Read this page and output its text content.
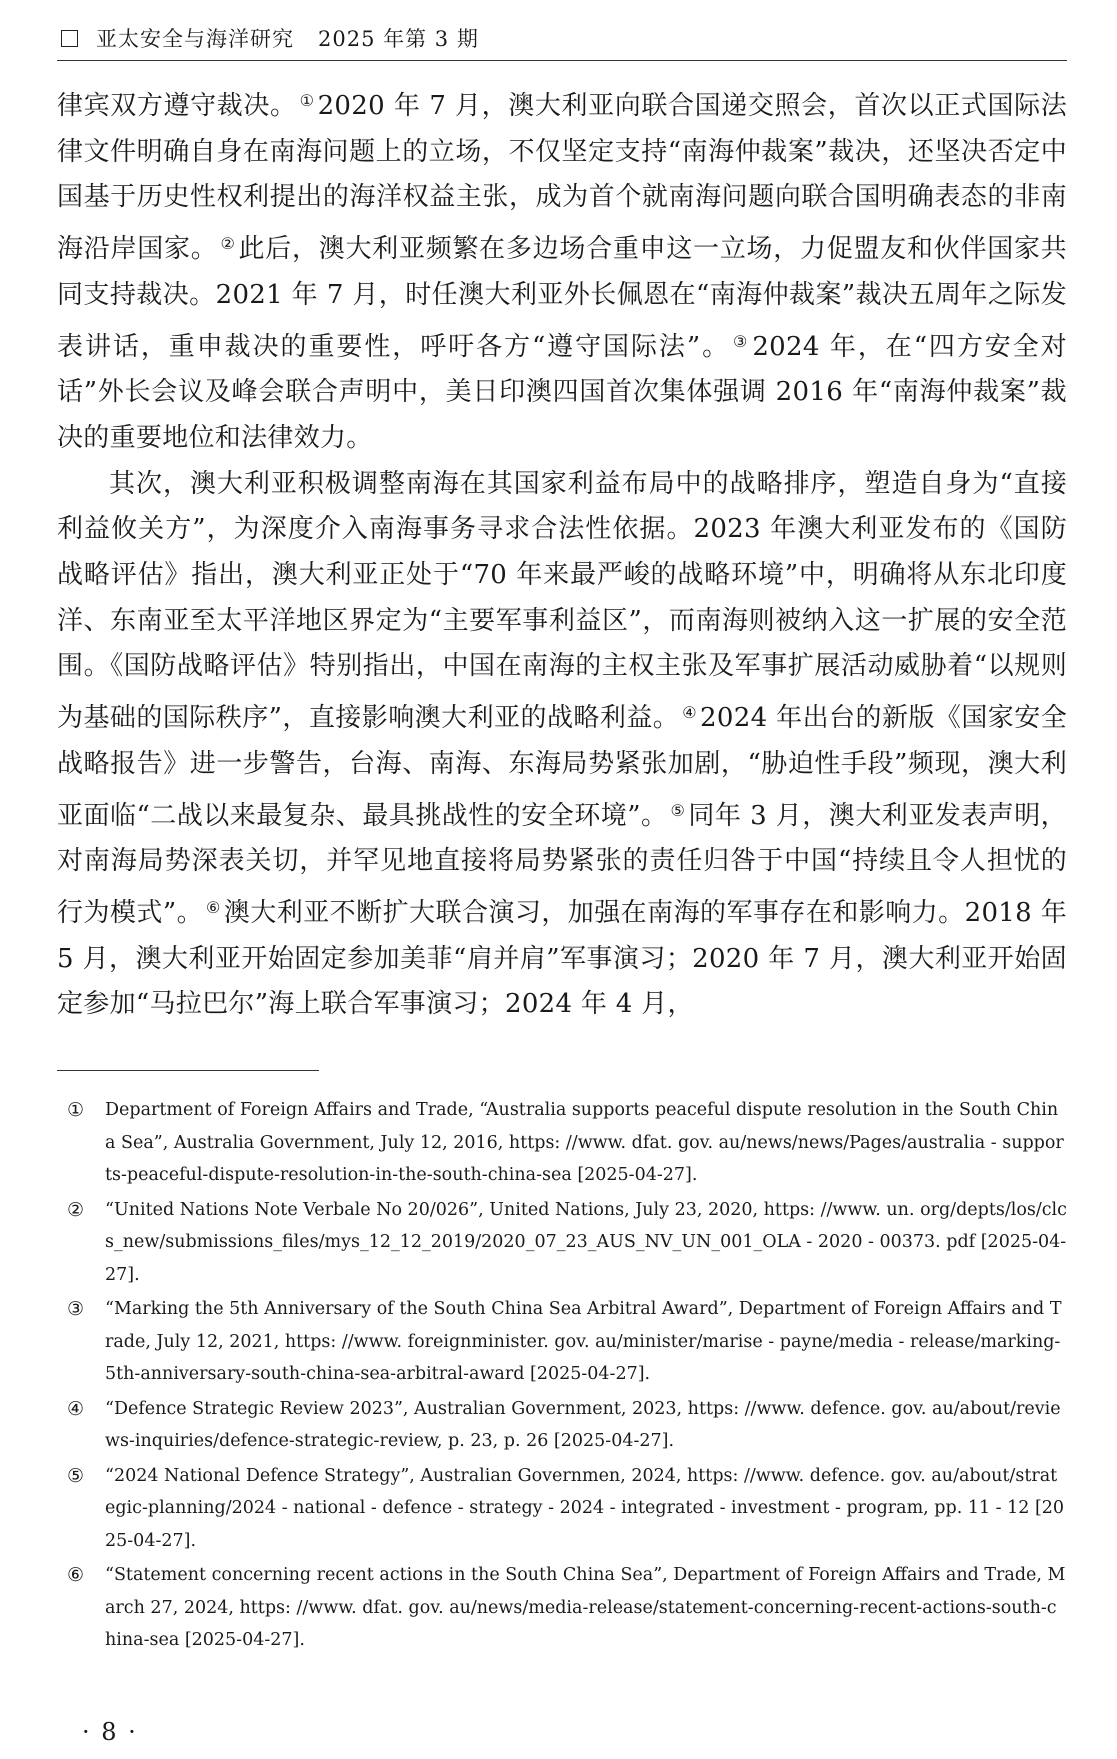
亚太安全与海洋研究 2025 年第 3 期

律宾双方遵守裁决。 ① 2020 年 7 月，澳大利亚向联合国递交照会，首次以正式国际法律文件明确自身在南海问题上的立场，不仅坚定支持“南海仲裁案”裁决，还坚决否定中国基于历史性权利提出的海洋权益主张，成为首个就南海问题向联合国明确表态的非南海沿岸国家。 ② 此后，澳大利亚频繁在多边场合重申这一立场，力促盟友和伙伴国家共同支持裁决。2021 年 7 月，时任澳大利亚外长佩恩在“南海仲裁案”裁决五周年之际发表讲话，重申裁决的重要性，呼吁各方“遵守国际法”。 ③ 2024 年，在“四方安全对话”外长会议及峰会联合声明中，美日印澳四国首次集体强调 2016 年“南海仲裁案”裁决的重要地位和法律效力。

其次，澳大利亚积极调整南海在其国家利益布局中的战略排序，塑造自身为“直接利益攸关方”，为深度介入南海事务寻求合法性依据。2023 年澳大利亚发布的《国防战略评估》指出，澳大利亚正处于“70 年来最严峻的战略环境”中，明确将从东北印度洋、东南亚至太平洋地区界定为“主要军事利益区”，而南海则被纳入这一扩展的安全范围。《国防战略评估》特别指出，中国在南海的主权主张及军事扩展活动威胁着“以规则为基础的国际秩序”，直接影响澳大利亚的战略利益。 ④ 2024 年出台的新版《国家安全战略报告》进一步警告，台海、南海、东海局势紧张加剧，“胁迫性手段”频现，澳大利亚面临“二战以来最复杂、最具挑战性的安全环境”。 ⑤ 同年 3 月，澳大利亚发表声明，对南海局势深表关切，并罕见地直接将局势紧张的责任归咎于中国“持续且令人担忧的行为模式”。 ⑥ 澳大利亚不断扩大联合演习，加强在南海的军事存在和影响力。2018 年 5 月，澳大利亚开始固定参加美菲“肩并肩”军事演习；2020 年 7 月，澳大利亚开始固定参加“马拉巴尔”海上联合军事演习；2024 年 4 月，

① Department of Foreign Affairs and Trade, “Australia supports peaceful dispute resolution in the South China Sea”, Australia Government, July 12, 2016, https: //www. dfat. gov. au/news/news/Pages/australia - supports-peaceful-dispute-resolution-in-the-south-china-sea [2025-04-27].
② “United Nations Note Verbale No 20/026”, United Nations, July 23, 2020, https: //www. un. org/depts/los/clcs_new/submissions_files/mys_12_12_2019/2020_07_23_AUS_NV_UN_001_OLA - 2020 - 00373. pdf [2025-04-27].
③ “Marking the 5th Anniversary of the South China Sea Arbitral Award”, Department of Foreign Affairs and Trade, July 12, 2021, https: //www. foreignminister. gov. au/minister/marise - payne/media - release/marking-5th-anniversary-south-china-sea-arbitral-award [2025-04-27].
④ “Defence Strategic Review 2023”, Australian Government, 2023, https: //www. defence. gov. au/about/reviews-inquiries/defence-strategic-review, p. 23, p. 26 [2025-04-27].
⑤ “2024 National Defence Strategy”, Australian Governmen, 2024, https: //www. defence. gov. au/about/strategic-planning/2024 - national - defence - strategy - 2024 - integrated - investment - program, pp. 11 - 12 [2025-04-27].
⑥ “Statement concerning recent actions in the South China Sea”, Department of Foreign Affairs and Trade, March 27, 2024, https: //www. dfat. gov. au/news/media-release/statement-concerning-recent-actions-south-china-sea [2025-04-27].
· 8 ·
